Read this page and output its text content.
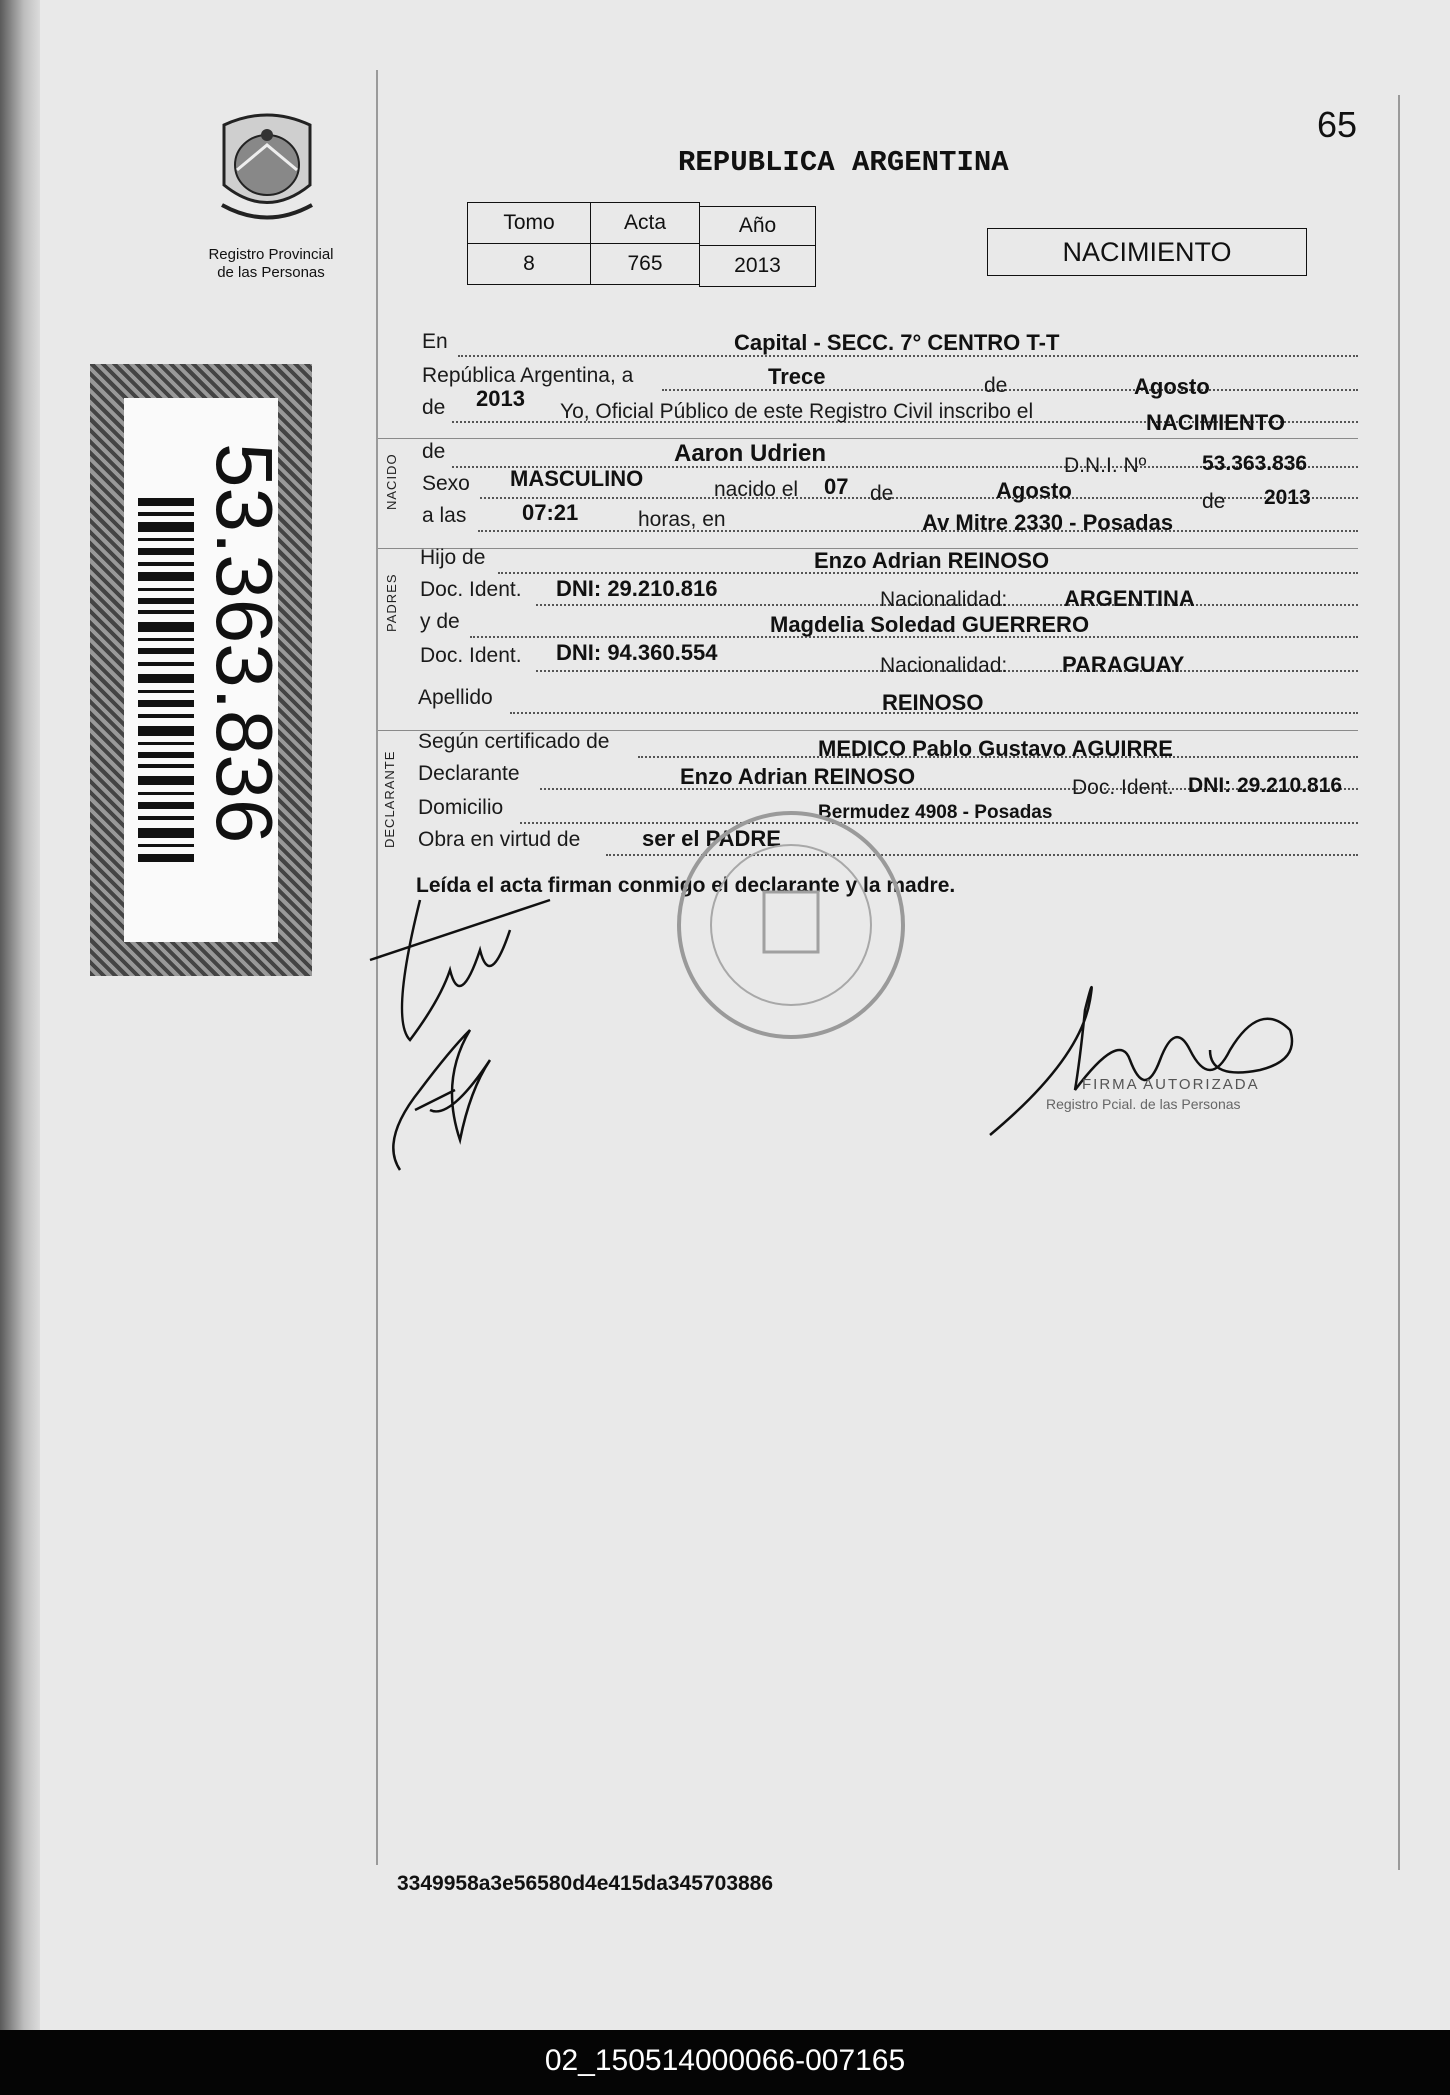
Registro Provincial
de las Personas
53.363.836
65
REPUBLICA ARGENTINA
Tomo	Acta	Año
8	765	2013	NACIMIENTO
NACIDO
PADRES
DECLARANTE
En	Capital - SECC. 7° CENTRO T-T
República Argentina, a	Trece	de	Agosto
de 2013
Yo, Oficial Público de este Registro Civil inscribo el	NACIMIENTO
de	Aaron Udrien	D.N.I. Nº	53.363.836
Sexo MASCULINO	nacido el 07 de	Agosto	de 2013
a las	07:21	horas, en	Av Mitre 2330 - Posadas
Hijo de	Enzo Adrian REINOSO
Doc. Ident. DNI: 29.210.816	Nacionalidad:	ARGENTINA
y de	Magdelia Soledad GUERRERO
Doc. Ident. DNI: 94.360.554
Nacionalidad: PARAGUAY
Apellido	REINOSO
Según certificado de	MEDICO Pablo Gustavo AGUIRRE
Declarante	Enzo Adrian REINOSO	Doc. Ident. DNI: 29.210.816
Domicilio	Bermudez 4908 - Posadas
Obra en virtud de	ser el PADRE
Leída el acta firman conmigo el declarante y la madre.
FIRMA AUTORIZADA
Registro Pcial. de las Personas
3349958a3e56580d4e415da345703886
02_150514000066-007165
